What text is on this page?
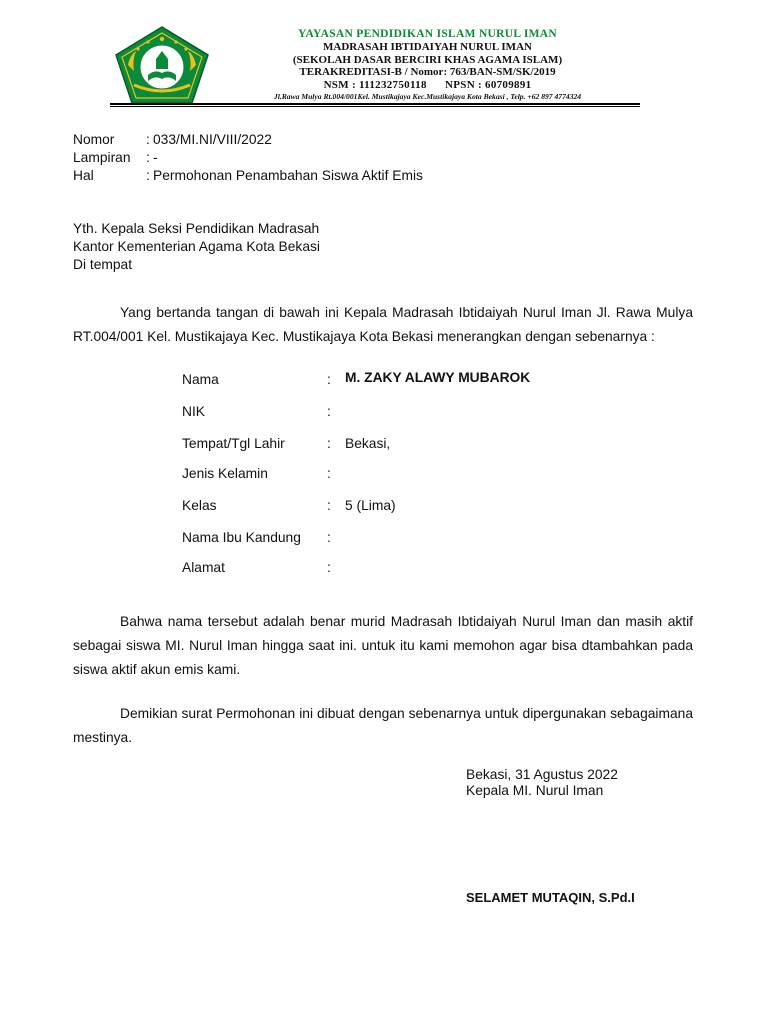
YAYASAN PENDIDIKAN ISLAM NURUL IMAN
MADRASAH IBTIDAIYAH NURUL IMAN
(SEKOLAH DASAR BERCIRI KHAS AGAMA ISLAM)
TERAKREDITASI-B / Nomor: 763/BAN-SM/SK/2019
NSM : 111232750118      NPSN : 60709891
Jl.Rawa Mulya Rt.004/001Kel. Mustikajaya Kec.Mustikajaya Kota Bekasi , Telp. +62 897 4774324
Nomor : 033/MI.NI/VIII/2022
Lampiran : -
Hal	: Permohonan Penambahan Siswa Aktif Emis
Yth. Kepala Seksi Pendidikan Madrasah
Kantor Kementerian Agama Kota Bekasi
Di tempat
Yang bertanda tangan di bawah ini Kepala Madrasah Ibtidaiyah Nurul Iman Jl. Rawa Mulya RT.004/001 Kel. Mustikajaya Kec. Mustikajaya Kota Bekasi menerangkan dengan sebenarnya :
Nama	: M. ZAKY ALAWY MUBAROK
NIK	:
Tempat/Tgl Lahir	: Bekasi,
Jenis Kelamin	:
Kelas	: 5 (Lima)
Nama Ibu Kandung :
Alamat	:
Bahwa nama tersebut adalah benar murid Madrasah Ibtidaiyah Nurul Iman dan masih aktif sebagai siswa MI. Nurul Iman hingga saat ini. untuk itu kami memohon agar bisa dtambahkan pada siswa aktif akun emis kami.
Demikian surat Permohonan ini dibuat dengan sebenarnya untuk dipergunakan sebagaimana mestinya.
Bekasi, 31 Agustus 2022
Kepala MI. Nurul Iman
SELAMET MUTAQIN, S.Pd.I
